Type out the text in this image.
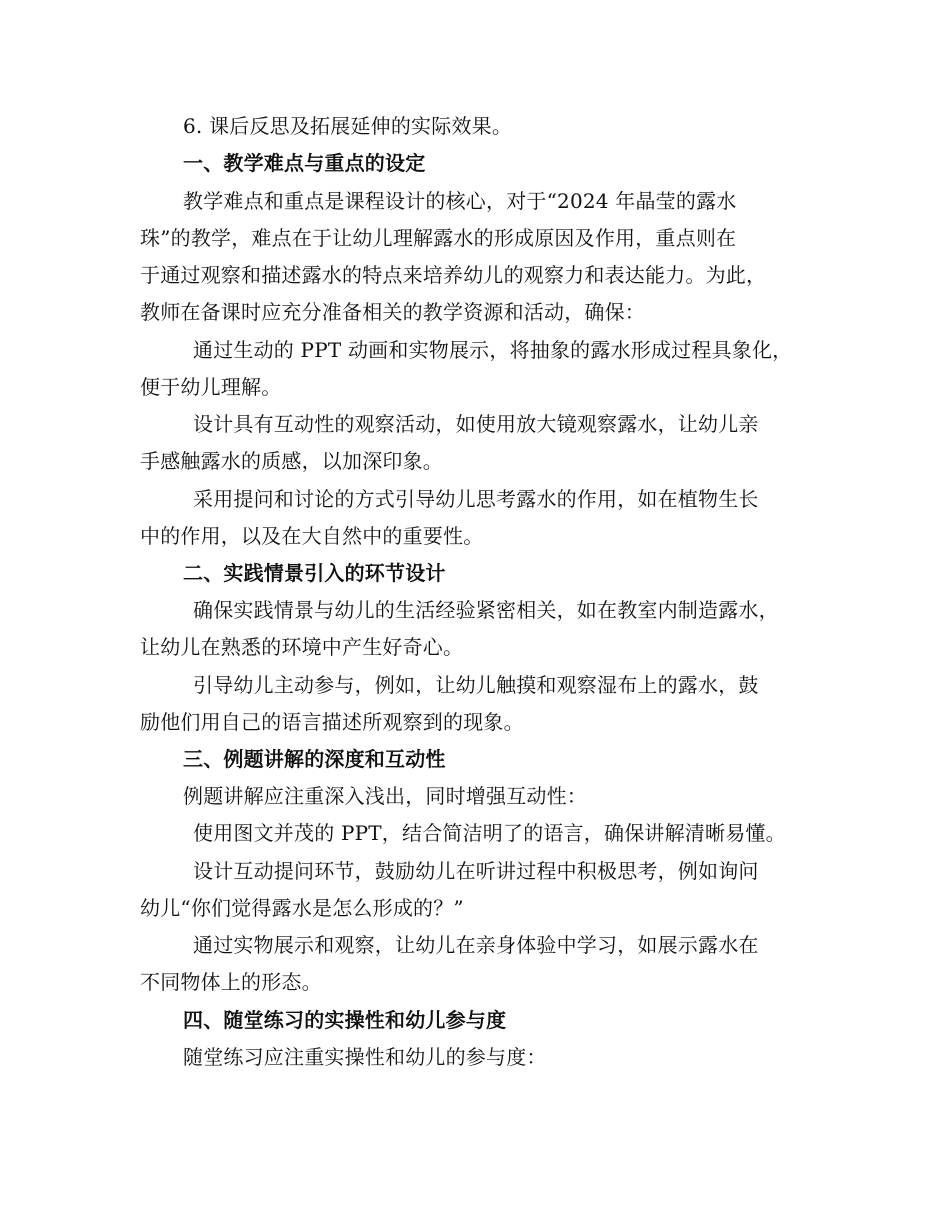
6. 课后反思及拓展延伸的实际效果。
一、教学难点与重点的设定
教学难点和重点是课程设计的核心，对于“2024 年晶莹的露水
珠”的教学，难点在于让幼儿理解露水的形成原因及作用，重点则在
于通过观察和描述露水的特点来培养幼儿的观察力和表达能力。为此，
教师在备课时应充分准备相关的教学资源和活动，确保：
通过生动的 PPT 动画和实物展示，将抽象的露水形成过程具象化，
便于幼儿理解。
设计具有互动性的观察活动，如使用放大镜观察露水，让幼儿亲
手感触露水的质感，以加深印象。
采用提问和讨论的方式引导幼儿思考露水的作用，如在植物生长
中的作用，以及在大自然中的重要性。
二、实践情景引入的环节设计
确保实践情景与幼儿的生活经验紧密相关，如在教室内制造露水，
让幼儿在熟悉的环境中产生好奇心。
引导幼儿主动参与，例如，让幼儿触摸和观察湿布上的露水，鼓
励他们用自己的语言描述所观察到的现象。
三、例题讲解的深度和互动性
例题讲解应注重深入浅出，同时增强互动性：
使用图文并茂的 PPT，结合简洁明了的语言，确保讲解清晰易懂。
设计互动提问环节，鼓励幼儿在听讲过程中积极思考，例如询问
幼儿“你们觉得露水是怎么形成的？”
通过实物展示和观察，让幼儿在亲身体验中学习，如展示露水在
不同物体上的形态。
四、随堂练习的实操性和幼儿参与度
随堂练习应注重实操性和幼儿的参与度：
